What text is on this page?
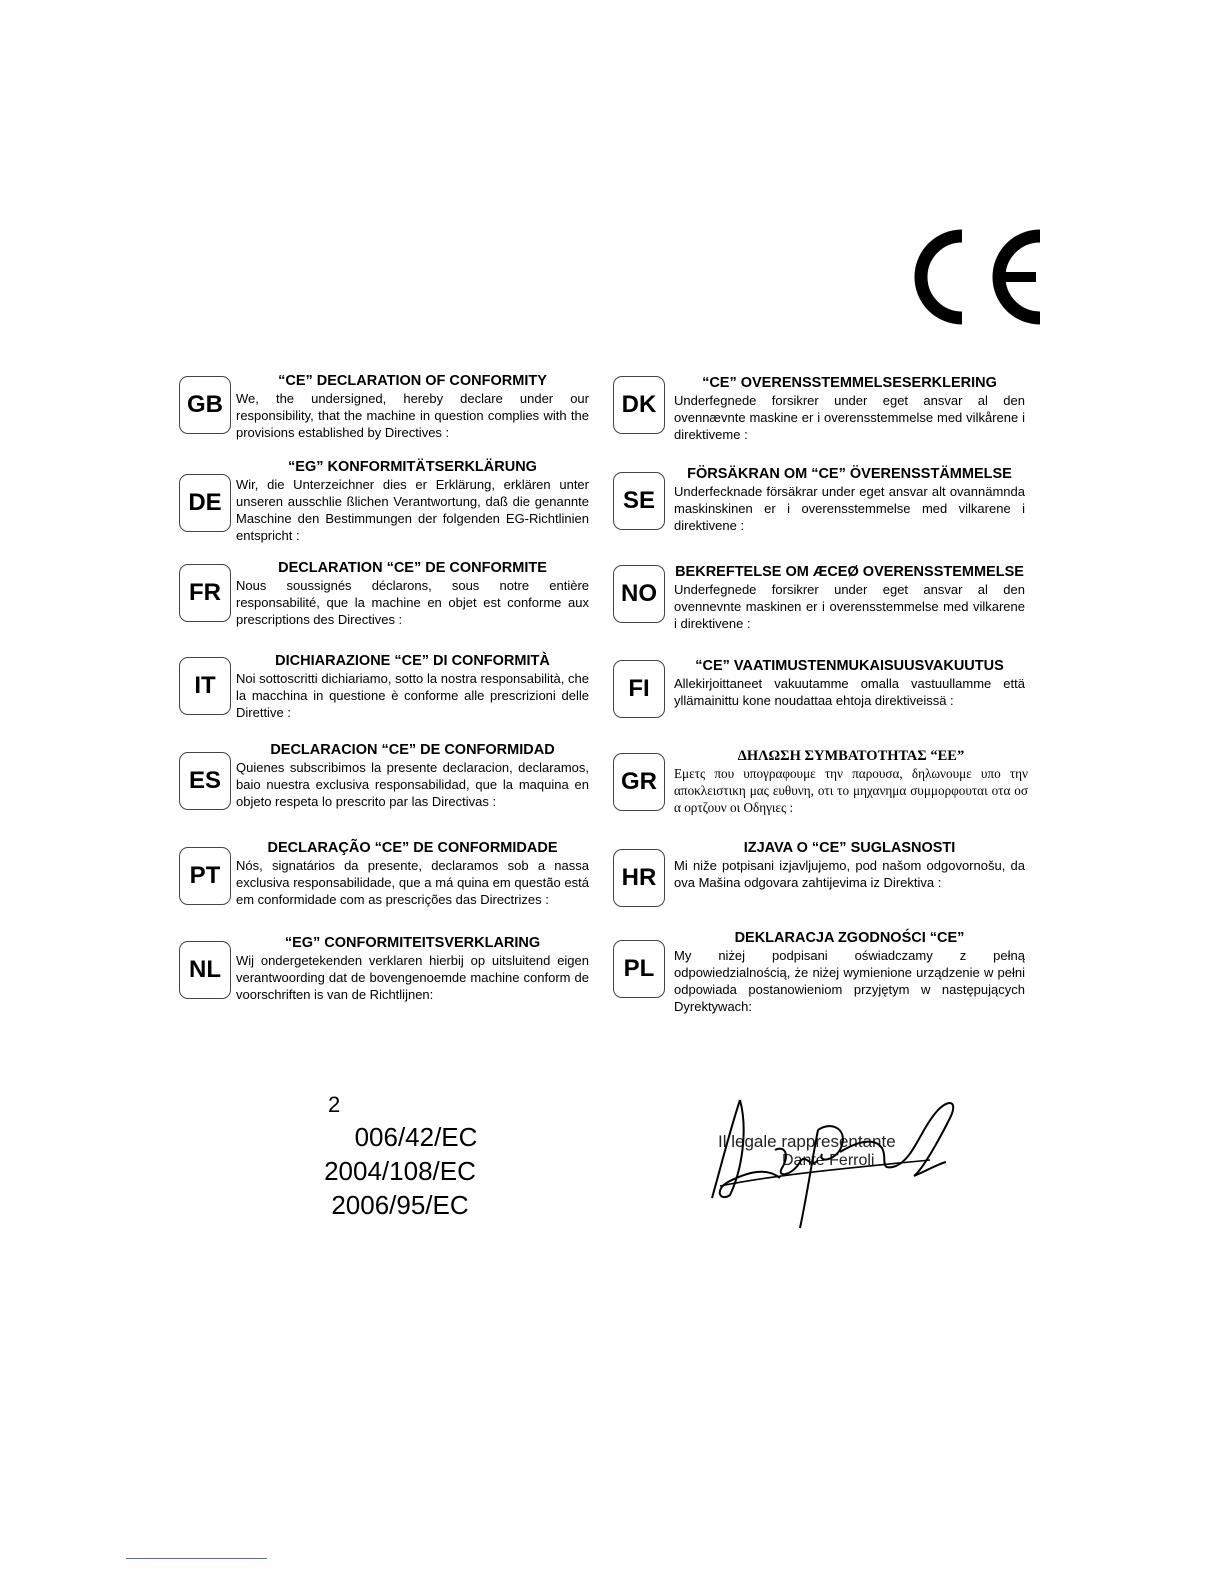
GB
“CE” DECLARATION OF CONFORMITY
We, the undersigned, hereby declare under our responsibility, that the machine in question complies with the provisions established by Directives :
DK
“CE” OVERENSSTEMMELSESERKLERING
Underfegnede forsikrer under eget ansvar al den ovennævnte maskine er i overensstemmelse med vilkårene i direktiveme :
DE
“EG” KONFORMITÄTSERKLÄRUNG
Wir, die Unterzeichner dies er Erklärung, erklären unter unseren ausschlie ßlichen Verantwortung, daß die genannte Maschine den Bestimmungen der folgenden EG-Richtlinien entspricht :
SE
FÖRSÄKRAN OM “CE” ÖVERENSSTÄMMELSE
Underfecknade försäkrar under eget ansvar alt ovannämnda maskinskinen er i overensstemmelse med vilkarene i direktivene :
FR
DECLARATION “CE” DE CONFORMITE
Nous soussignés déclarons, sous notre entière responsabilité, que la machine en objet est conforme aux prescriptions des Directives :
NO
BEKREFTELSE OM ÆCEØ OVERENSSTEMMELSE
Underfegnede forsikrer under eget ansvar al den ovennevnte maskinen er i overensstemmelse med vilkarene i direktivene :
IT
DICHIARAZIONE “CE” DI CONFORMITÀ
Noi sottoscritti dichiariamo, sotto la nostra responsabilità, che la macchina in questione è conforme alle prescrizioni delle Direttive :
FI
“CE” VAATIMUSTENMUKAISUUSVAKUUTUS
Allekirjoittaneet vakuutamme omalla vastuullamme että yllämainittu kone noudattaa ehtoja direktiveissä :
ES
DECLARACION “CE” DE CONFORMIDAD
Quienes subscribimos la presente declaracion, declaramos, baio nuestra exclusiva responsabilidad, que la maquina en objeto respeta lo prescrito par las Directivas :
GR
ΔΗΛΩΣΗ ΣΥΜΒΑΤΟΤΗΤΑΣ “EE”
Εμετς που υπογραφουμε την παρουσα, δηλωνουμε υπο την αποκλειστικη μας ευθυνη, οτι το μηχανημα συμμορφουται οτα οσ α ορτζουν οι Οδηγιες :
PT
DECLARAÇÃO “CE” DE CONFORMIDADE
Nós, signatários da presente, declaramos sob a nassa exclusiva responsabilidade, que a má quina em questão está em conformidade com as prescrições das Directrizes :
HR
IZJAVA O “CE” SUGLASNOSTI
Mi niže potpisani izjavljujemo, pod našom odgovornošu, da ova Mašina odgovara zahtijevima iz Direktiva :
NL
“EG” CONFORMITEITSVERKLARING
Wij ondergetekenden verklaren hierbij op uitsluitend eigen verantwoording dat de bovengenoemde machine conform de voorschriften is van de Richtlijnen:
PL
DEKLARACJA ZGODNOŚCI “CE”
My niżej podpisani oświadczamy z pełną odpowiedzialnością, że niżej wymienione urządzenie w pełni odpowiada postanowieniom przyjętym w następujących Dyrektywach:
2
006/42/EC
2004/108/EC
2006/95/EC
Il legale rappresentante
Dante Ferroli
